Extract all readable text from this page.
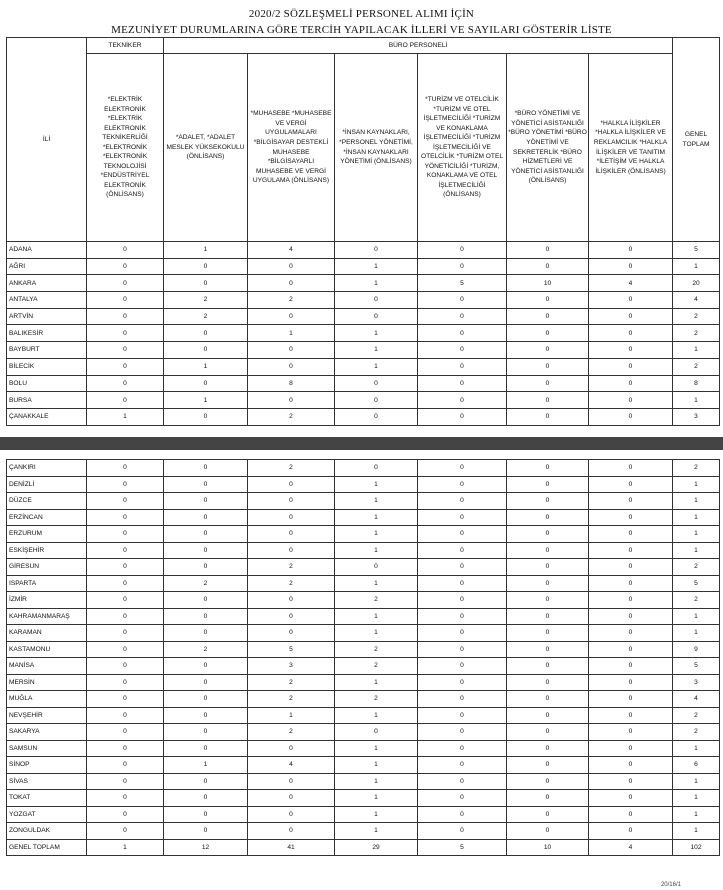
2020/2 SÖZLEŞMELİ PERSONEL ALIMI İÇİN
MEZUNİYET DURUMLARINA GÖRE TERCİH YAPILACAK İLLERİ VE SAYILARI GÖSTERİR LİSTE
İLİ	TEKNİKER	BÜRO PERSONELİ						GENEL TOPLAM
	*ELEKTRİK ELEKTRONİK *ELEKTRİK ELEKTRONİK TEKNİKERLİĞİ *ELEKTRONİK *ELEKTRONİK TEKNOLOJİSİ *ENDÜSTRİYEL ELEKTRONİK (ÖNLİSANS)	*ADALET, *ADALET MESLEK YÜKSEKOKULU (ÖNLİSANS)	*MUHASEBE *MUHASEBE VE VERGİ UYGULAMALARI *BİLGİSAYAR DESTEKLİ MUHASEBE *BİLGİSAYARLI MUHASEBE VE VERGİ UYGULAMA (ÖNLİSANS)	*İNSAN KAYNAKLARI, *PERSONEL YÖNETİMİ, *İNSAN KAYNAKLARI YÖNETİMİ (ÖNLİSANS)	*TURİZM VE OTELCİLİK *TURİZM VE OTEL İŞLETMECİLİĞİ *TURİZM VE KONAKLAMA İŞLETMECİLİĞİ *TURİZM İŞLETMECİLİĞİ VE OTELCİLİK *TURİZM OTEL YÖNETİCİLİĞİ *TURİZM, KONAKLAMA VE OTEL İŞLETMECİLİĞİ (ÖNLİSANS)	*BÜRO YÖNETİMİ VE YÖNETİCİ ASİSTANLIĞI *BÜRO YÖNETİMİ *BÜRO YÖNETİMİ VE SEKRETERLİK *BÜRO HİZMETLERİ VE YÖNETİCİ ASİSTANLIĞI (ÖNLİSANS)	*HALKLA İLİŞKİLER *HALKLA İLİŞKİLER VE REKLAMCILIK *HALKLA İLİŞKİLER VE TANITIM *İLETİŞİM VE HALKLA İLİŞKİLER (ÖNLİSANS)	
ADANA	0	1	4	0	0	0	0	5
AĞRI	0	0	0	1	0	0	0	1
ANKARA	0	0	0	1	5	10	4	20
ANTALYA	0	2	2	0	0	0	0	4
ARTVİN	0	2	0	0	0	0	0	2
BALIKESİR	0	0	1	1	0	0	0	2
BAYBURT	0	0	0	1	0	0	0	1
BİLECİK	0	1	0	1	0	0	0	2
BOLU	0	0	8	0	0	0	0	8
BURSA	0	1	0	0	0	0	0	1
ÇANAKKALE	1	0	2	0	0	0	0	3
ÇANKIRI	0	0	2	0	0	0	0	2
DENİZLİ	0	0	0	1	0	0	0	1
DÜZCE	0	0	0	1	0	0	0	1
ERZİNCAN	0	0	0	1	0	0	0	1
ERZURUM	0	0	0	1	0	0	0	1
ESKİŞEHİR	0	0	0	1	0	0	0	1
GİRESUN	0	0	2	0	0	0	0	2
ISPARTA	0	2	2	1	0	0	0	5
İZMİR	0	0	0	2	0	0	0	2
KAHRAMANMARAŞ	0	0	0	1	0	0	0	1
KARAMAN	0	0	0	1	0	0	0	1
KASTAMONU	0	2	5	2	0	0	0	9
MANİSA	0	0	3	2	0	0	0	5
MERSİN	0	0	2	1	0	0	0	3
MUĞLA	0	0	2	2	0	0	0	4
NEVŞEHİR	0	0	1	1	0	0	0	2
SAKARYA	0	0	2	0	0	0	0	2
SAMSUN	0	0	0	1	0	0	0	1
SİNOP	0	1	4	1	0	0	0	6
SİVAS	0	0	0	1	0	0	0	1
TOKAT	0	0	0	1	0	0	0	1
YOZGAT	0	0	0	1	0	0	0	1
ZONGULDAK	0	0	0	1	0	0	0	1
GENEL TOPLAM	1	12	41	29	5	10	4	102
20/16/1
